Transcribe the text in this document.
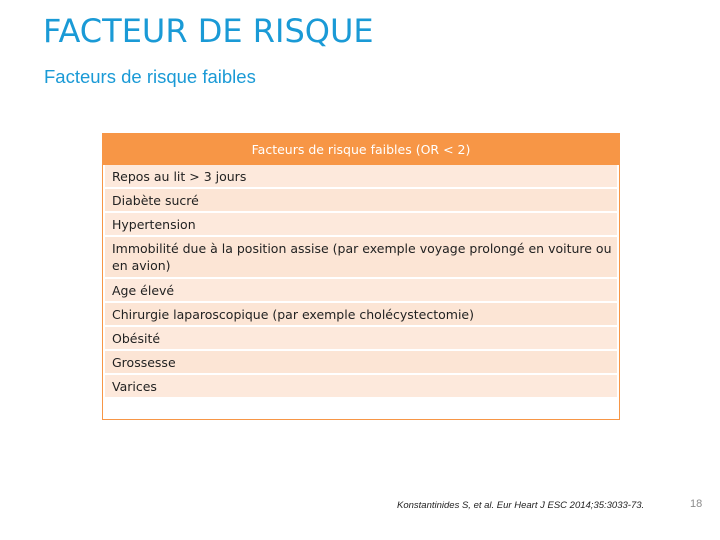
FACTEUR DE RISQUE
Facteurs de risque faibles
Facteurs de risque faibles (OR < 2)
Repos au lit > 3 jours
Diabète sucré
Hypertension
Immobilité due à la position assise (par exemple voyage prolongé en voiture ou en avion)
Age élevé
Chirurgie laparoscopique (par exemple cholécystectomie)
Obésité
Grossesse
Varices
Konstantinides S, et al. Eur Heart J ESC 2014;35:3033-73.	18
